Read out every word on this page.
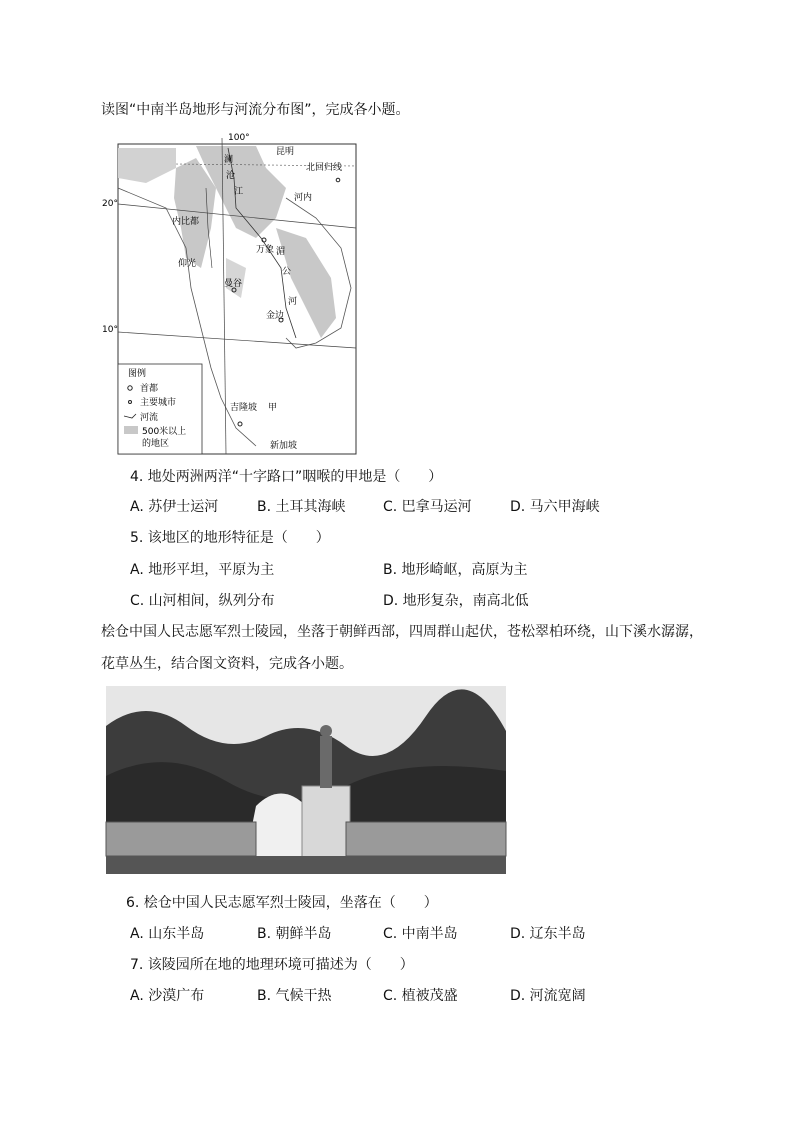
读图“中南半岛地形与河流分布图”，完成各小题。
100°
20°
10°
北回归线
昆明
河内
内比都
仰光
万象
曼谷
金边
吉隆坡 甲
新加坡
澜
沧
江
湄
公
河
图例
首都
主要城市
河流
500米以上
的地区
4. 地处两洲两洋“十字路口”咽喉的甲地是（　　）
A. 苏伊士运河	B. 土耳其海峡	C. 巴拿马运河	D. 马六甲海峡
5. 该地区的地形特征是（　　）
A. 地形平坦，平原为主	B. 地形崎岖，高原为主
C. 山河相间，纵列分布	D. 地形复杂，南高北低
桧仓中国人民志愿军烈士陵园，坐落于朝鲜西部，四周群山起伏，苍松翠柏环绕，山下溪水潺潺，
花草丛生，结合图文资料，完成各小题。
6. 桧仓中国人民志愿军烈士陵园，坐落在（　　）
A. 山东半岛	B. 朝鲜半岛	C. 中南半岛	D. 辽东半岛
7. 该陵园所在地的地理环境可描述为（　　）
A. 沙漠广布	B. 气候干热	C. 植被茂盛	D. 河流宽阔
